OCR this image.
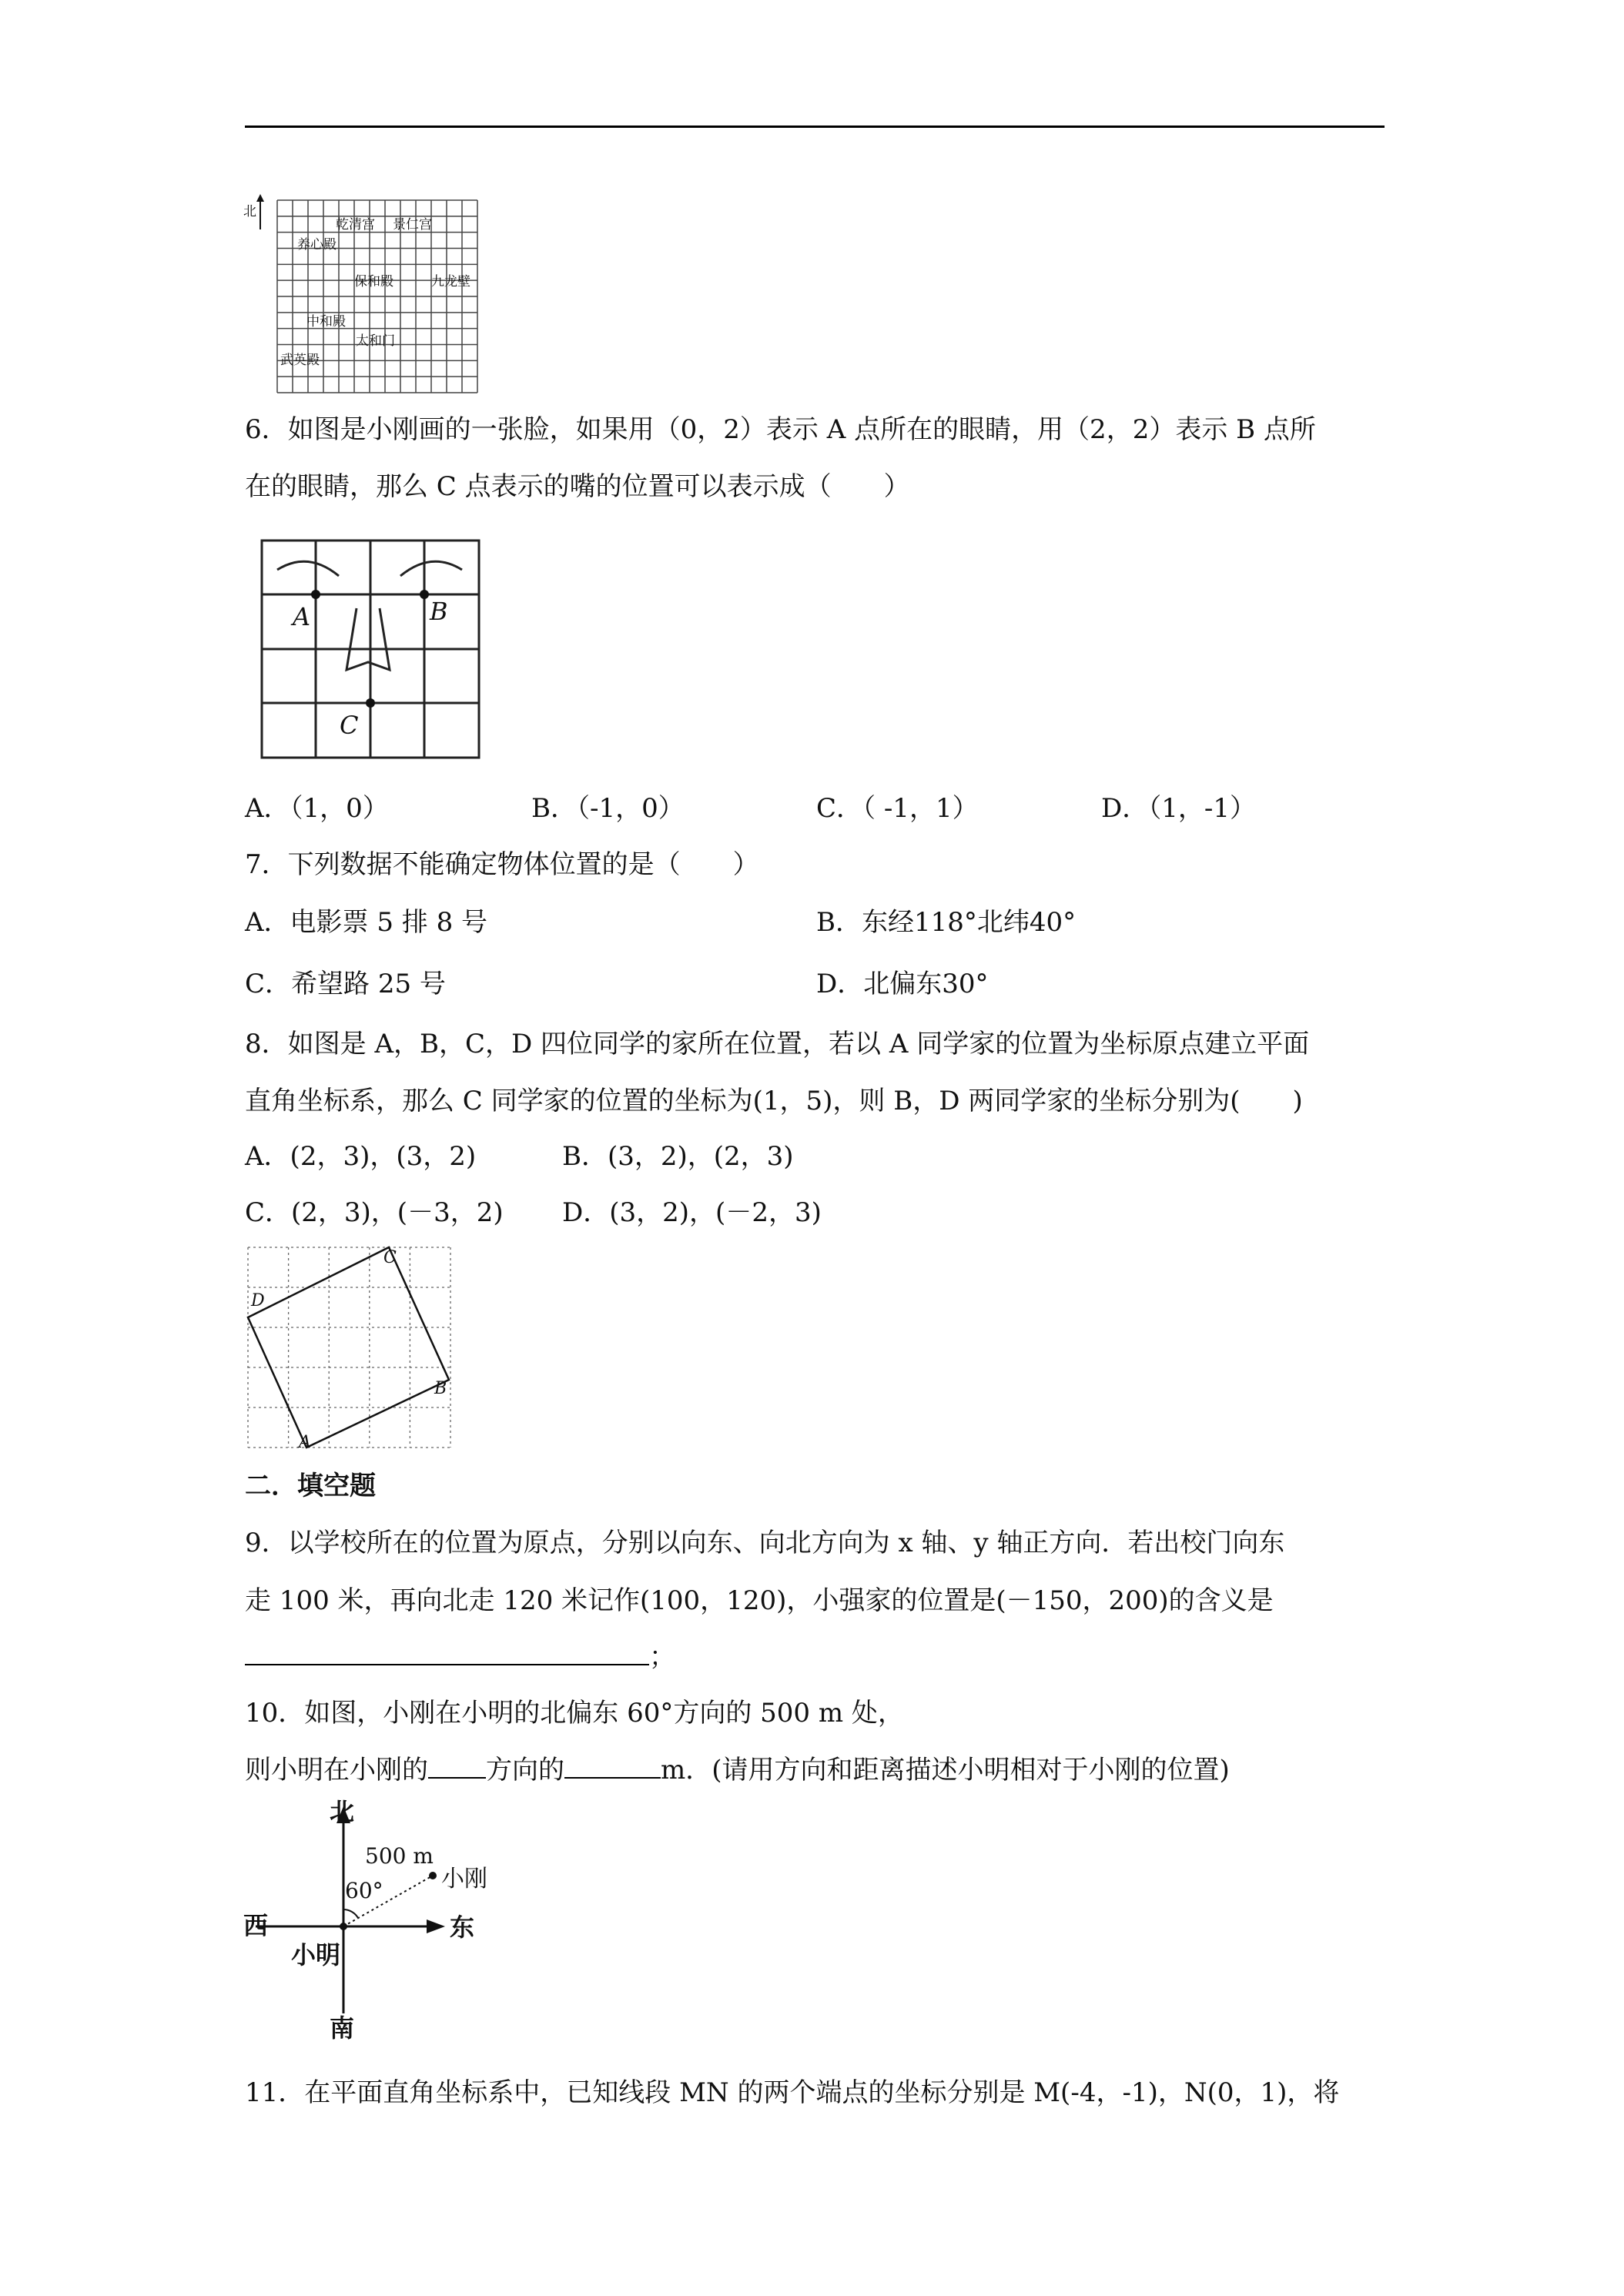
北
乾清宫 景仁宫
养心殿
保和殿	九龙壁
中和殿
太和门
武英殿
6．如图是小刚画的一张脸，如果用（0，2）表示 A 点所在的眼睛，用（2，2）表示 B 点所
在的眼睛，那么 C 点表示的嘴的位置可以表示成（　　）
A	B
C
A．（1，0）	B．（-1，0）	C．（ -1，1）	D．（1，-1）
7．下列数据不能确定物体位置的是（　　）
A．电影票 5 排 8 号	B．东经118°北纬40°
C．希望路 25 号	D．北偏东30°
8．如图是 A，B，C，D 四位同学的家所在位置，若以 A 同学家的位置为坐标原点建立平面
直角坐标系，那么 C 同学家的位置的坐标为(1，5)，则 B，D 两同学家的坐标分别为(　　)
A．(2，3)，(3，2)	B．(3，2)，(2，3)
C．(2，3)，(－3，2) D．(3，2)，(－2，3)
A
B
C
D
二．填空题
9．以学校所在的位置为原点，分别以向东、向北方向为 x 轴、y 轴正方向．若出校门向东
走 100 米，再向北走 120 米记作(100，120)，小强家的位置是(－150，200)的含义是
；
10．如图，小刚在小明的北偏东 60°方向的 500 m 处，
则小明在小刚的 方向的	m．(请用方向和距离描述小明相对于小刚的位置)
北
南
东
西
小明
小刚
500 m
60°
11．在平面直角坐标系中，已知线段 MN 的两个端点的坐标分别是 M(-4，-1)，N(0，1)，将
